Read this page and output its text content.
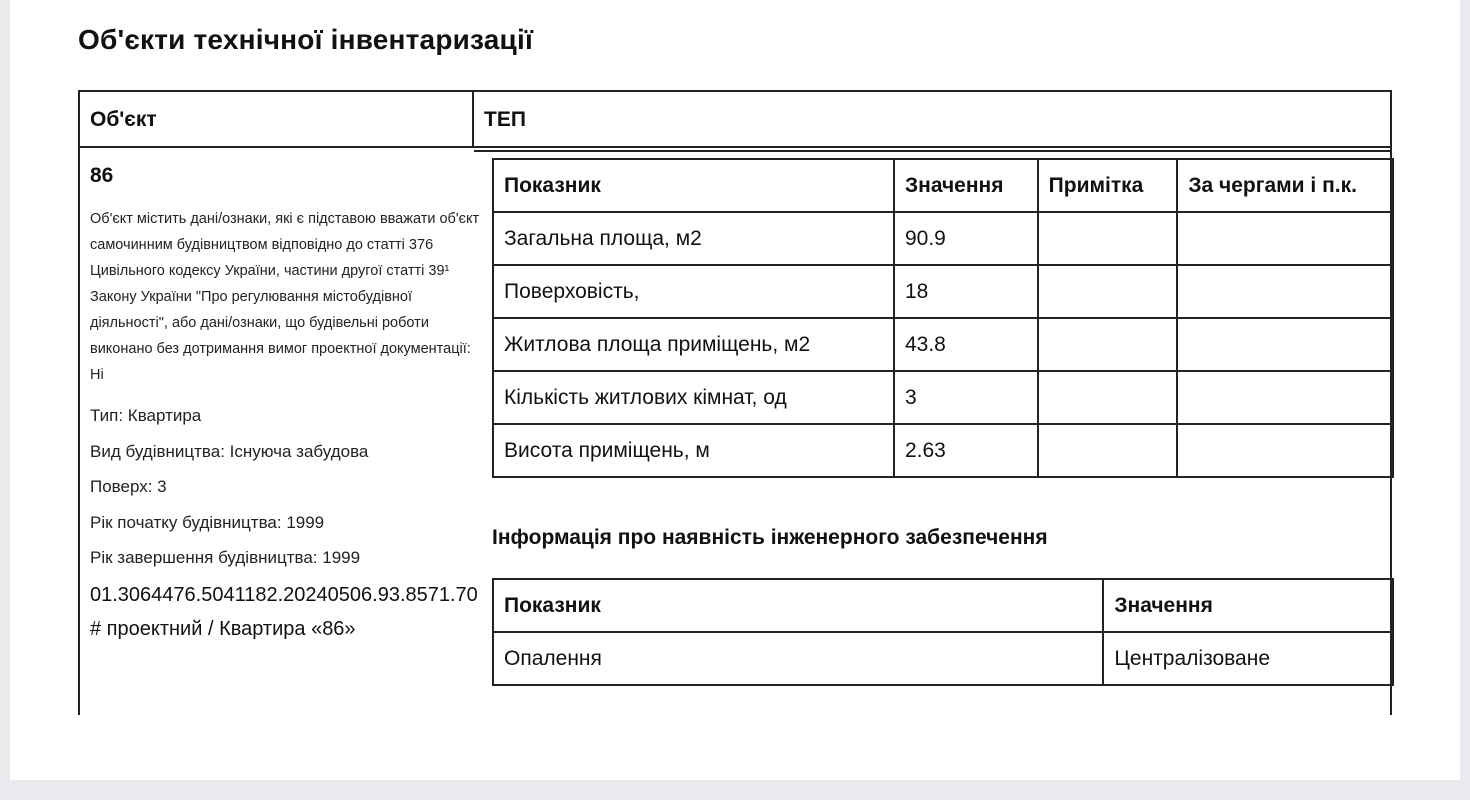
Об'єкти технічної інвентаризації
Об'єкт	ТЕП
86
Об'єкт містить дані/ознаки, які є підставою вважати об'єкт самочинним будівництвом відповідно до статті 376 Цивільного кодексу України, частини другої статті 39¹ Закону України "Про регулювання містобудівної діяльності", або дані/ознаки, що будівельні роботи виконано без дотримання вимог проектної документації: Ні
Тип: Квартира
Вид будівництва: Існуюча забудова
Поверх: 3
Рік початку будівництва: 1999
Рік завершення будівництва: 1999
01.3064476.5041182.20240506.93.8571.70 # проектний / Квартира «86»
Показник	Значення	Примітка	За чергами і п.к.
Загальна площа, м2	90.9		
Поверховість,	18		
Житлова площа приміщень, м2	43.8		
Кількість житлових кімнат, од	3		
Висота приміщень, м	2.63		
Інформація про наявність інженерного забезпечення
Показник	Значення
Опалення	Централізоване
